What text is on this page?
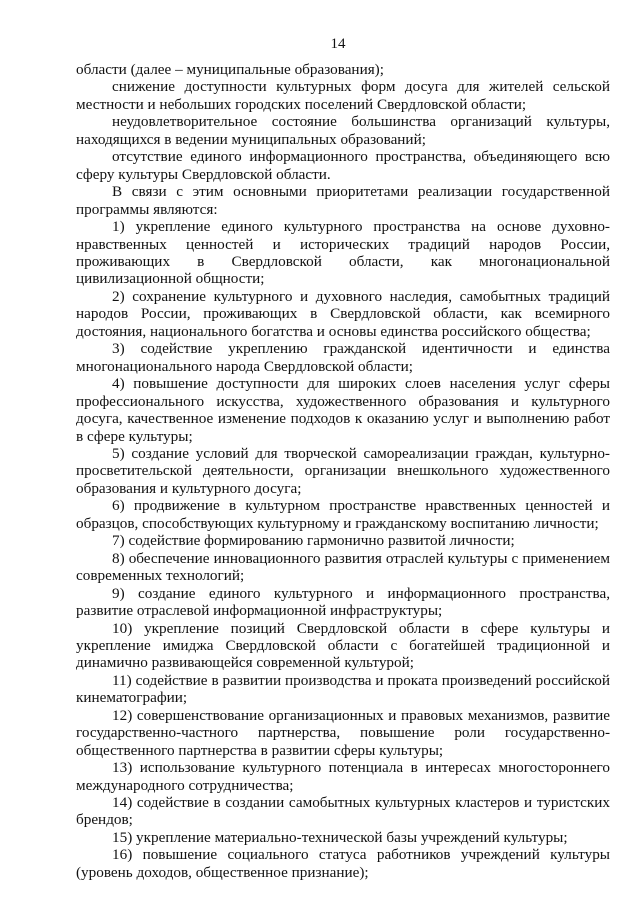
14

области (далее – муниципальные образования);

снижение доступности культурных форм досуга для жителей сельской местности и небольших городских поселений Свердловской области;

неудовлетворительное состояние большинства организаций культуры, находящихся в ведении муниципальных образований;

отсутствие единого информационного пространства, объединяющего всю сферу культуры Свердловской области.

В связи с этим основными приоритетами реализации государственной программы являются:

1) укрепление единого культурного пространства на основе духовно-нравственных ценностей и исторических традиций народов России, проживающих в Свердловской области, как многонациональной цивилизационной общности;

2) сохранение культурного и духовного наследия, самобытных традиций народов России, проживающих в Свердловской области, как всемирного достояния, национального богатства и основы единства российского общества;

3) содействие укреплению гражданской идентичности и единства многонационального народа Свердловской области;

4) повышение доступности для широких слоев населения услуг сферы профессионального искусства, художественного образования и культурного досуга, качественное изменение подходов к оказанию услуг и выполнению работ в сфере культуры;

5) создание условий для творческой самореализации граждан, культурно-просветительской деятельности, организации внешкольного художественного образования и культурного досуга;

6) продвижение в культурном пространстве нравственных ценностей и образцов, способствующих культурному и гражданскому воспитанию личности;

7) содействие формированию гармонично развитой личности;

8) обеспечение инновационного развития отраслей культуры с применением современных технологий;

9) создание единого культурного и информационного пространства, развитие отраслевой информационной инфраструктуры;

10) укрепление позиций Свердловской области в сфере культуры и укрепление имиджа Свердловской области с богатейшей традиционной и динамично развивающейся современной культурой;

11) содействие в развитии производства и проката произведений российской кинематографии;

12) совершенствование организационных и правовых механизмов, развитие государственно-частного партнерства, повышение роли государственно-общественного партнерства в развитии сферы культуры;

13) использование культурного потенциала в интересах многостороннего международного сотрудничества;

14) содействие в создании самобытных культурных кластеров и туристских брендов;

15) укрепление материально-технической базы учреждений культуры;

16) повышение социального статуса работников учреждений культуры (уровень доходов, общественное признание);
